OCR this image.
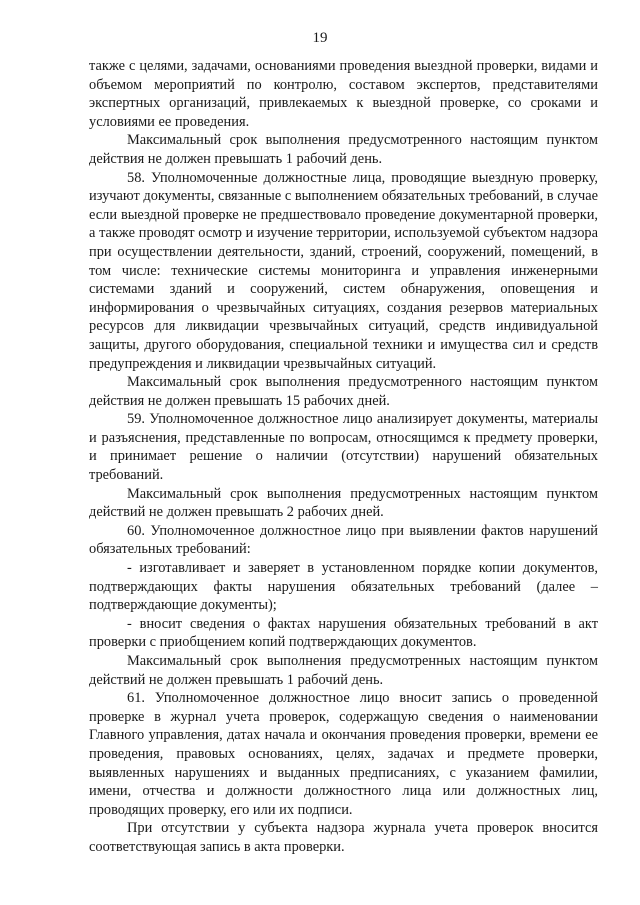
19

также с целями, задачами, основаниями проведения выездной проверки, видами и объемом мероприятий по контролю, составом экспертов, представителями экспертных организаций, привлекаемых к выездной проверке, со сроками и условиями ее проведения.

Максимальный срок выполнения предусмотренного настоящим пунктом действия не должен превышать 1 рабочий день.

58. Уполномоченные должностные лица, проводящие выездную проверку, изучают документы, связанные с выполнением обязательных требований, в случае если выездной проверке не предшествовало проведение документарной проверки, а также проводят осмотр и изучение территории, используемой субъектом надзора при осуществлении деятельности, зданий, строений, сооружений, помещений, в том числе: технические системы мониторинга и управления инженерными системами зданий и сооружений, систем обнаружения, оповещения и информирования о чрезвычайных ситуациях, создания резервов материальных ресурсов для ликвидации чрезвычайных ситуаций, средств индивидуальной защиты, другого оборудования, специальной техники и имущества сил и средств предупреждения и ликвидации чрезвычайных ситуаций.

Максимальный срок выполнения предусмотренного настоящим пунктом действия не должен превышать 15 рабочих дней.

59. Уполномоченное должностное лицо анализирует документы, материалы и разъяснения, представленные по вопросам, относящимся к предмету проверки, и принимает решение о наличии (отсутствии) нарушений обязательных требований.

Максимальный срок выполнения предусмотренных настоящим пунктом действий не должен превышать 2 рабочих дней.

60. Уполномоченное должностное лицо при выявлении фактов нарушений обязательных требований:

- изготавливает и заверяет в установленном порядке копии документов, подтверждающих факты нарушения обязательных требований (далее – подтверждающие документы);

- вносит сведения о фактах нарушения обязательных требований в акт проверки с приобщением копий подтверждающих документов.

Максимальный срок выполнения предусмотренных настоящим пунктом действий не должен превышать 1 рабочий день.

61. Уполномоченное должностное лицо вносит запись о проведенной проверке в журнал учета проверок, содержащую сведения о наименовании Главного управления, датах начала и окончания проведения проверки, времени ее проведения, правовых основаниях, целях, задачах и предмете проверки, выявленных нарушениях и выданных предписаниях, с указанием фамилии, имени, отчества и должности должностного лица или должностных лиц, проводящих проверку, его или их подписи.

При отсутствии у субъекта надзора журнала учета проверок вносится соответствующая запись в акта проверки.
